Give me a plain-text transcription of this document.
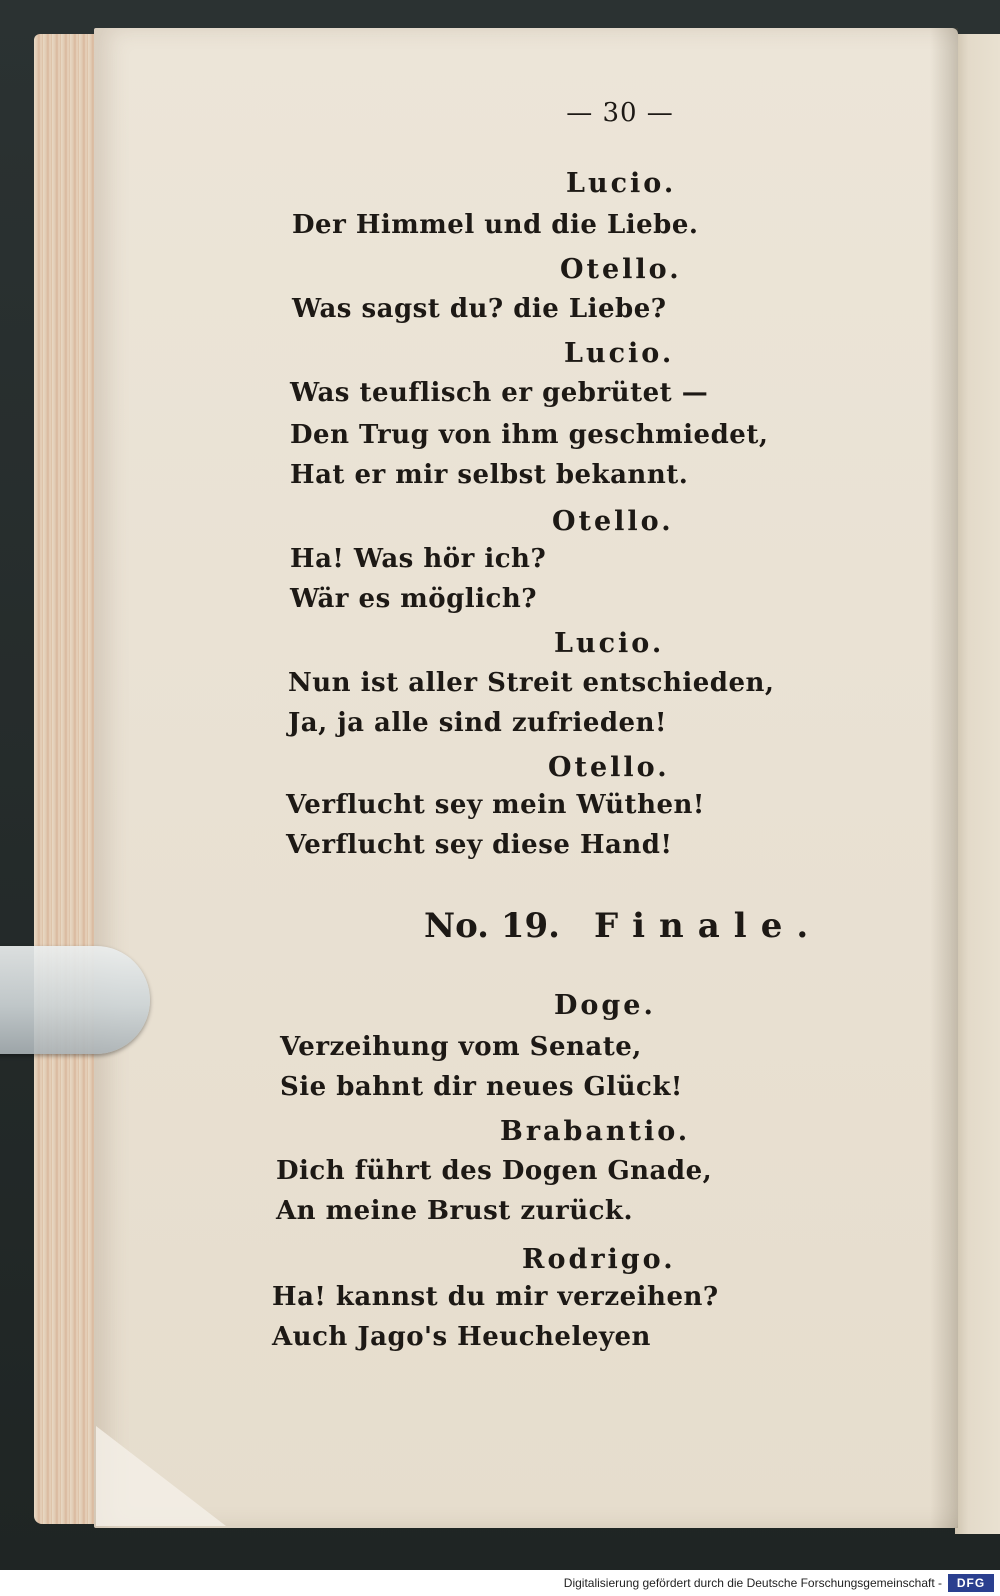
— 30 —
Lucio.
Der Himmel und die Liebe.
Otello.
Was sagst du? die Liebe?
Lucio.
Was teuflisch er gebrütet —
Den Trug von ihm geschmiedet,
Hat er mir selbst bekannt.
Otello.
Ha! Was hör ich?
Wär es möglich?
Lucio.
Nun ist aller Streit entschieden,
Ja, ja alle sind zufrieden!
Otello.
Verflucht sey mein Wüthen!
Verflucht sey diese Hand!
No. 19. Finale.
Doge.
Verzeihung vom Senate,
Sie bahnt dir neues Glück!
Brabantio.
Dich führt des Dogen Gnade,
An meine Brust zurück.
Rodrigo.
Ha! kannst du mir verzeihen?
Auch Jago's Heucheleyen
Digitalisierung gefördert durch die Deutsche Forschungsgemeinschaft -	DFG
